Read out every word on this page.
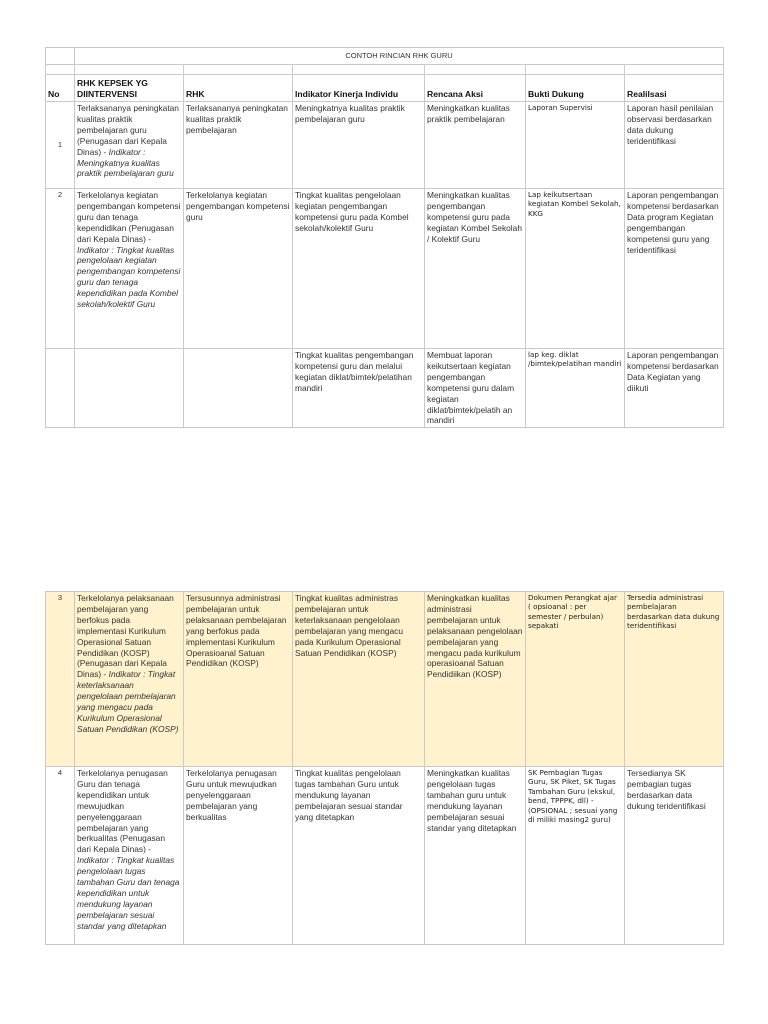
	CONTOH RINCIAN RHK GURU					

No	RHK KEPSEK YG DIINTERVENSI	RHK	Indikator Kinerja Individu	Rencana Aksi	Bukti Dukung	Realilsasi
1	Terlaksananya peningkatan kualitas praktik pembelajaran guru (Penugasan dari Kepala Dinas) - Indikator : Meningkatnya kualitas praktik pembelajaran guru	Terlaksananya peningkatan kualitas praktik pembelajaran	Meningkatnya kualitas praktik pembelajaran guru	Meningkatkan kualitas praktik pembelajaran	Laporan Supervisi	Laporan hasil penilaian observasi berdasarkan data dukung teridentifikasi
2	Terkelolanya kegiatan pengembangan kompetensi guru dan tenaga kependidikan (Penugasan dari Kepala Dinas) - Indikator : Tingkat kualitas pengelolaan kegiatan pengembangan kompetensi guru dan tenaga kependidikan pada Kombel sekolah/kolektif Guru	Terkelolanya kegiatan pengembangan kompetensi guru	Tingkat kualitas pengelolaan kegiatan pengembangan kompetensi guru pada Kombel sekolah/kolektif Guru	Meningkatkan kualitas pengembangan kompetensi guru pada kegiatan Kombel Sekolah / Kolektif Guru	Lap keikutsertaan kegiatan Kombel Sekolah, KKG	Laporan pengembangan kompetensi berdasarkan Data program Kegiatan pengembangan kompetensi guru yang teridentifikasi
			Tingkat kualitas pengembangan kompetensi guru dan melalui kegiatan diklat/bimtek/pelatihan mandiri	Membuat laporan keikutsertaan kegiatan pengembangan kompetensi guru dalam kegiatan diklat/bimtek/pelatih an mandiri	lap keg. diklat /bimtek/pelatihan mandiri	Laporan pengembangan kompetensi berdasarkan Data Kegiatan yang diikuti
3	Terkelolanya pelaksanaan pembelajaran yang berfokus pada implementasi Kurikulum Operasional Satuan Pendidikan (KOSP) (Penugasan dari Kepala Dinas) - Indikator : Tingkat keterlaksanaan pengelolaan pembelajaran yang mengacu pada Kurikulum Operasional Satuan Pendidikan (KOSP)	Tersusunnya administrasi pembelajaran untuk pelaksanaan pembelajaran yang berfokus pada implementasi Kurikulum Operasioanal Satuan Pendidikan (KOSP)	Tingkat kualitas administras pembelajaran untuk keterlaksanaan pengelolaan pembelajaran yang mengacu pada Kurikulum Operasional Satuan Pendidikan (KOSP)	Meningkatkan kualitas administrasi pembelajaran untuk pelaksanaan pengelolaan pembelajaran yang mengacu pada kurikulum operasioanal Satuan Pendidiikan (KOSP)	Dokumen Perangkat ajar ( opsioanal : per semester / perbulan) sepakati	Tersedia administrasi pembelajaran berdasarkan data dukung teridentifikasi
4	Terkelolanya penugasan Guru dan tenaga kependidikan untuk mewujudkan penyelenggaraan pembelajaran yang berkualitas (Penugasan dari Kepala Dinas) - Indikator : Tingkat kualitas pengelolaan tugas tambahan Guru dan tenaga kependidikan untuk mendukung layanan pembelajaran sesuai standar yang ditetapkan	Terkelolanya penugasan Guru untuk mewujudkan penyelenggaraan pembelajaran yang berkualitas	Tingkat kualitas pengelolaan tugas tambahan Guru untuk mendukung layanan pembelajaran sesuai standar yang ditetapkan	Meningkatkan kualitas pengelolaan tugas tambahan guru untuk mendukung layanan pembelajaran sesuai standar yang ditetapkan	SK Pembagian Tugas Guru, SK Piket, SK Tugas Tambahan Guru (ekskul, bend, TPPPK, dll) - (OPSIONAL ; sesuai yang di miliki masing2 guru)	Tersedianya SK pembagian tugas berdasarkan data dukung teridentifikasi
